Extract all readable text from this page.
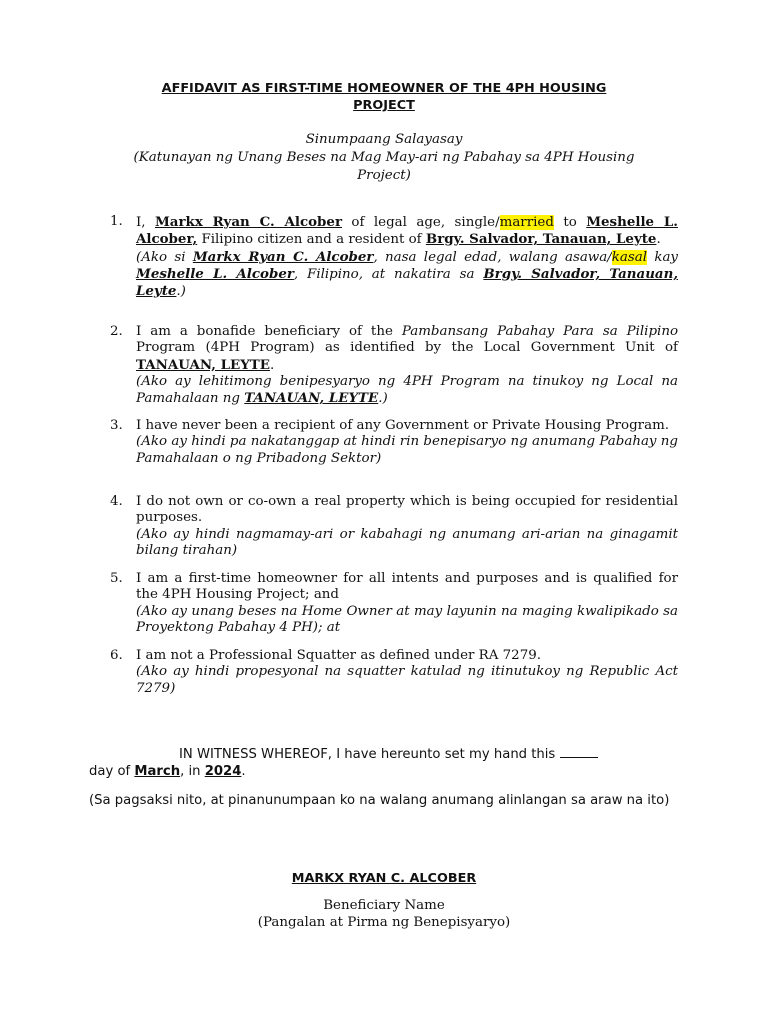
AFFIDAVIT AS FIRST-TIME HOMEOWNER OF THE 4PH HOUSING
PROJECT
Sinumpaang Salayasay
(Katunayan ng Unang Beses na Mag May-ari ng Pabahay sa 4PH Housing
Project)
1. I, Markx Ryan C. Alcober of legal age, single/married to Meshelle L. Alcober, Filipino citizen and a resident of Brgy. Salvador, Tanauan, Leyte.
(Ako si Markx Ryan C. Alcober, nasa legal edad, walang asawa/kasal kay Meshelle L. Alcober, Filipino, at nakatira sa Brgy. Salvador, Tanauan, Leyte.)
2. I am a bonafide beneficiary of the Pambansang Pabahay Para sa Pilipino Program (4PH Program) as identified by the Local Government Unit of TANAUAN, LEYTE.
(Ako ay lehitimong benipesyaryo ng 4PH Program na tinukoy ng Local na Pamahalaan ng TANAUAN, LEYTE.)
3. I have never been a recipient of any Government or Private Housing Program.
(Ako ay hindi pa nakatanggap at hindi rin benepisaryo ng anumang Pabahay ng Pamahalaan o ng Pribadong Sektor)
4. I do not own or co-own a real property which is being occupied for residential purposes.
(Ako ay hindi nagmamay-ari or kabahagi ng anumang ari-arian na ginagamit bilang tirahan)
5. I am a first-time homeowner for all intents and purposes and is qualified for the 4PH Housing Project; and
(Ako ay unang beses na Home Owner at may layunin na maging kwalipikado sa Proyektong Pabahay 4 PH); at
6. I am not a Professional Squatter as defined under RA 7279.
(Ako ay hindi propesyonal na squatter katulad ng itinutukoy ng Republic Act 7279)
IN WITNESS WHEREOF, I have hereunto set my hand this
day of March, in 2024.
(Sa pagsaksi nito, at pinanunumpaan ko na walang anumang alinlangan sa araw na ito)
MARKX RYAN C. ALCOBER
Beneficiary Name
(Pangalan at Pirma ng Benepisyaryo)
